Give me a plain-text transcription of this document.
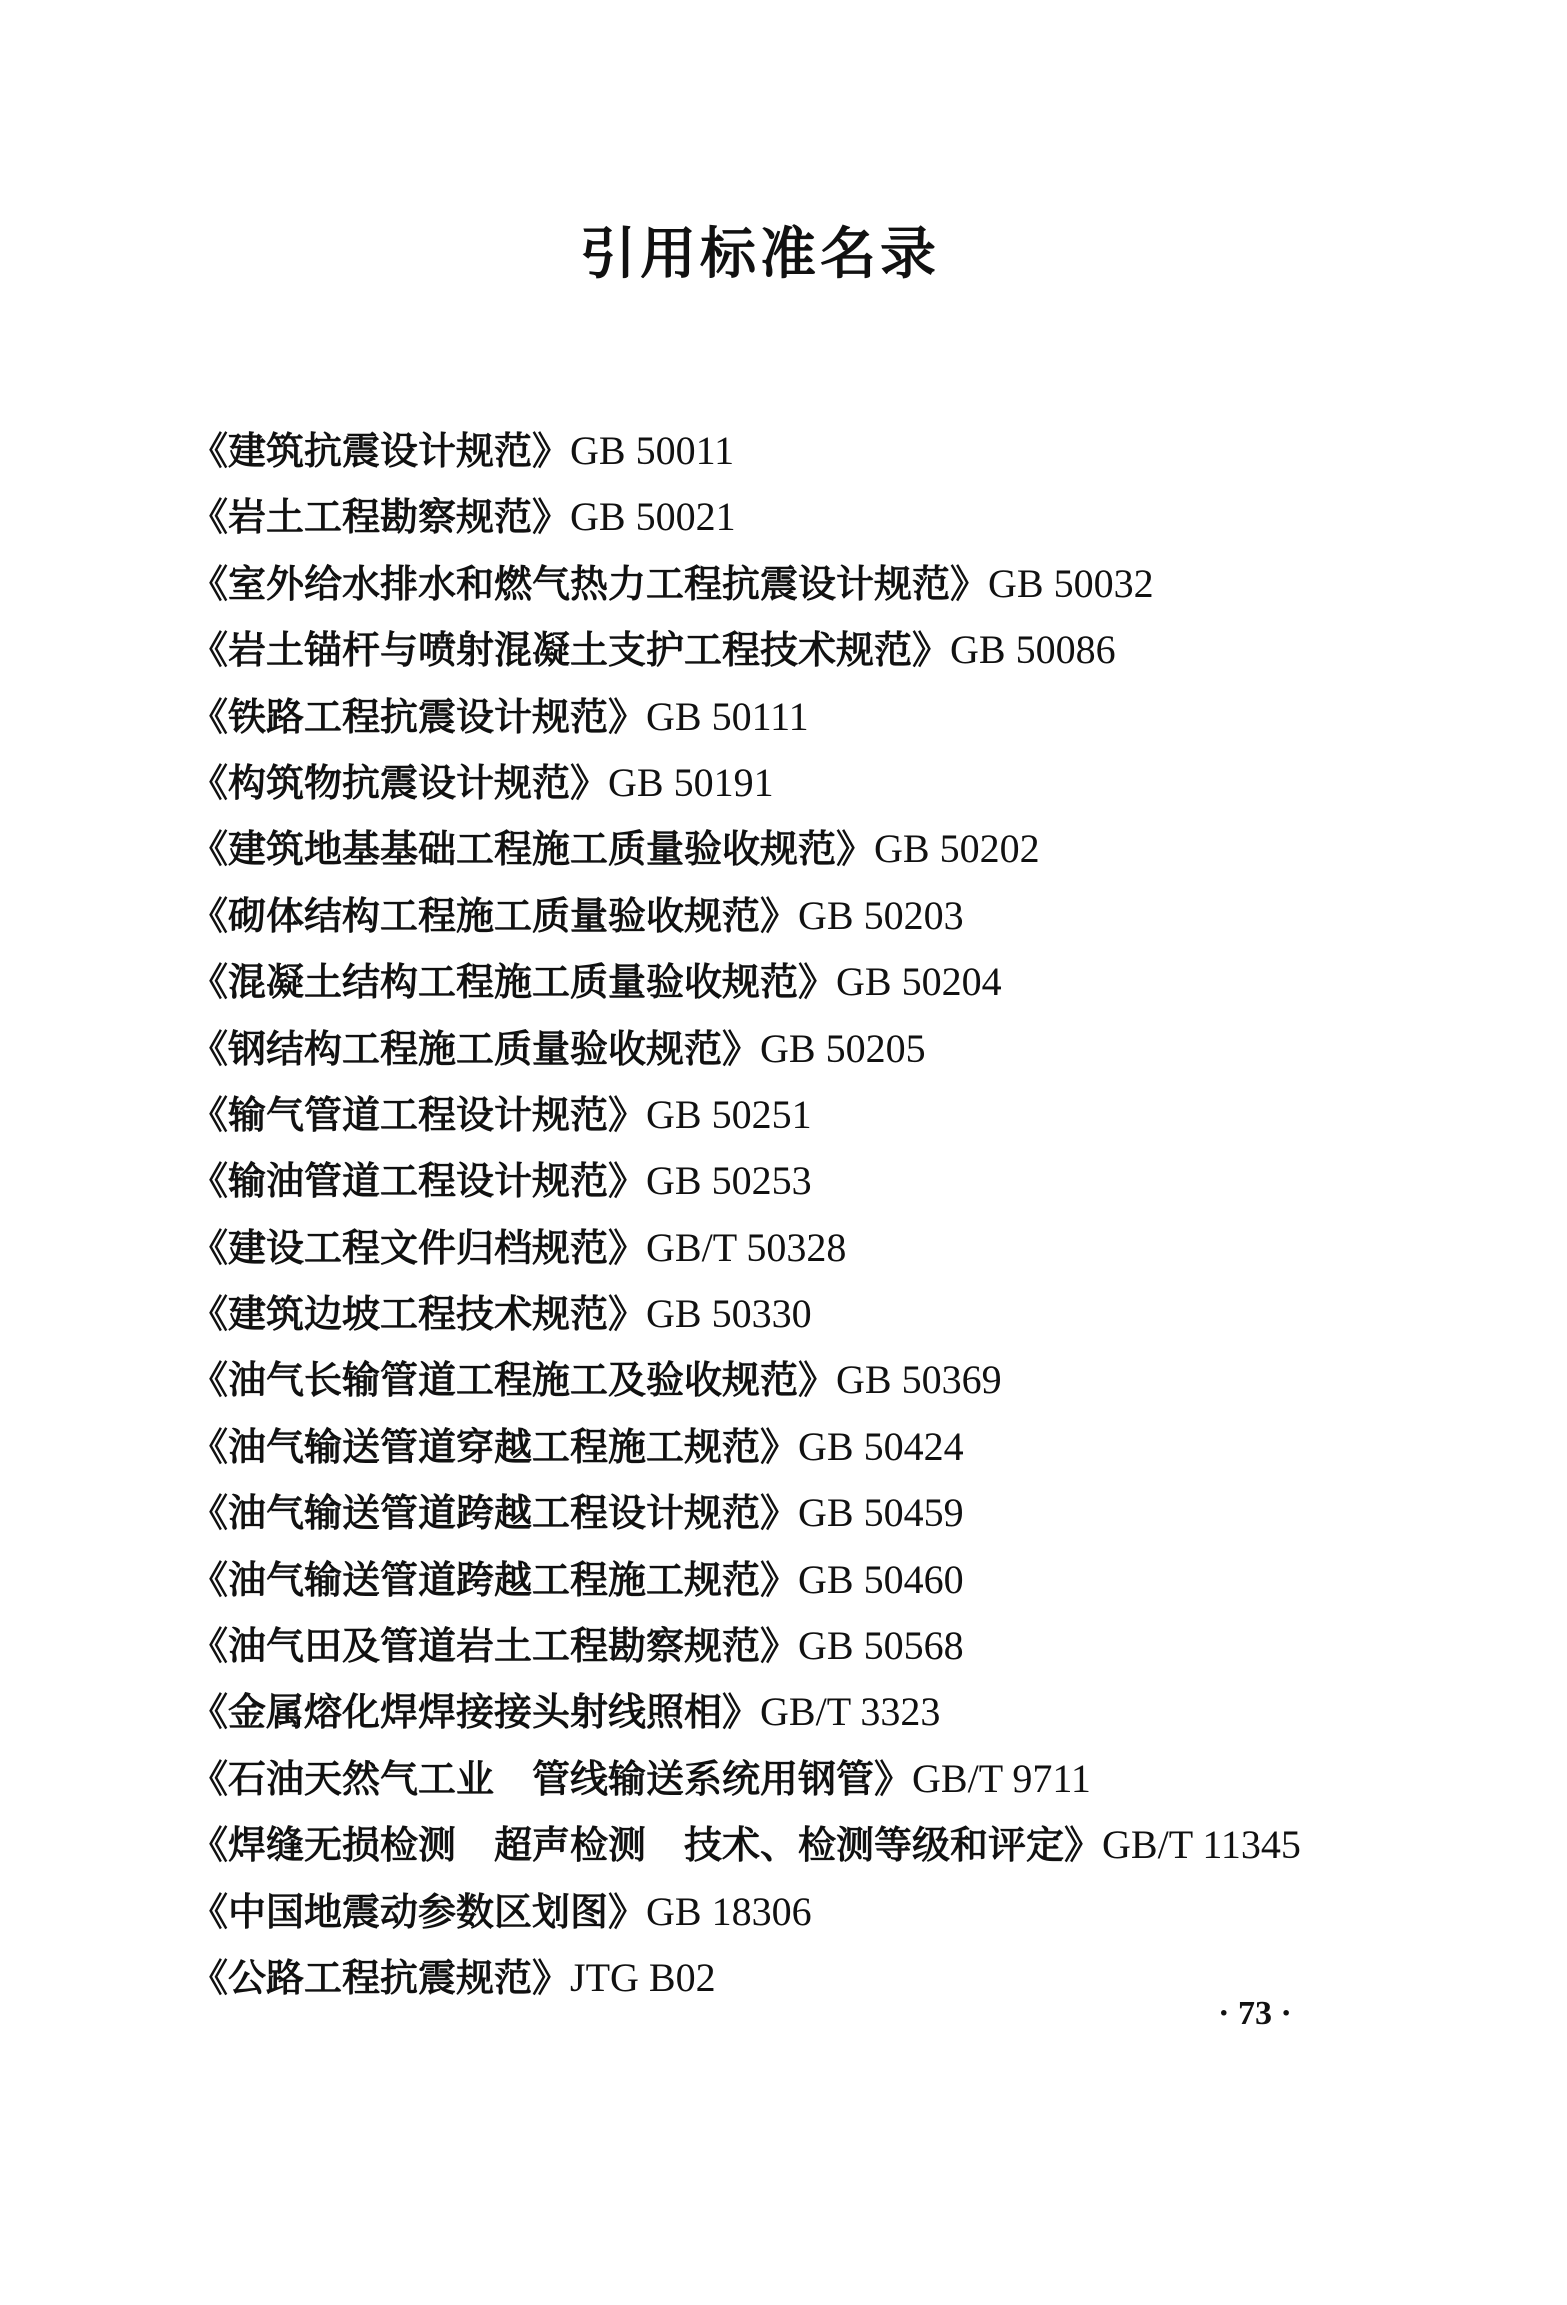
引用标准名录
《建筑抗震设计规范》GB 50011
《岩土工程勘察规范》GB 50021
《室外给水排水和燃气热力工程抗震设计规范》GB 50032
《岩土锚杆与喷射混凝土支护工程技术规范》GB 50086
《铁路工程抗震设计规范》GB 50111
《构筑物抗震设计规范》GB 50191
《建筑地基基础工程施工质量验收规范》GB 50202
《砌体结构工程施工质量验收规范》GB 50203
《混凝土结构工程施工质量验收规范》GB 50204
《钢结构工程施工质量验收规范》GB 50205
《输气管道工程设计规范》GB 50251
《输油管道工程设计规范》GB 50253
《建设工程文件归档规范》GB/T 50328
《建筑边坡工程技术规范》GB 50330
《油气长输管道工程施工及验收规范》GB 50369
《油气输送管道穿越工程施工规范》GB 50424
《油气输送管道跨越工程设计规范》GB 50459
《油气输送管道跨越工程施工规范》GB 50460
《油气田及管道岩土工程勘察规范》GB 50568
《金属熔化焊焊接接头射线照相》GB/T 3323
《石油天然气工业　管线输送系统用钢管》GB/T 9711
《焊缝无损检测　超声检测　技术、检测等级和评定》GB/T 11345
《中国地震动参数区划图》GB 18306
《公路工程抗震规范》JTG B02
· 73 ·
